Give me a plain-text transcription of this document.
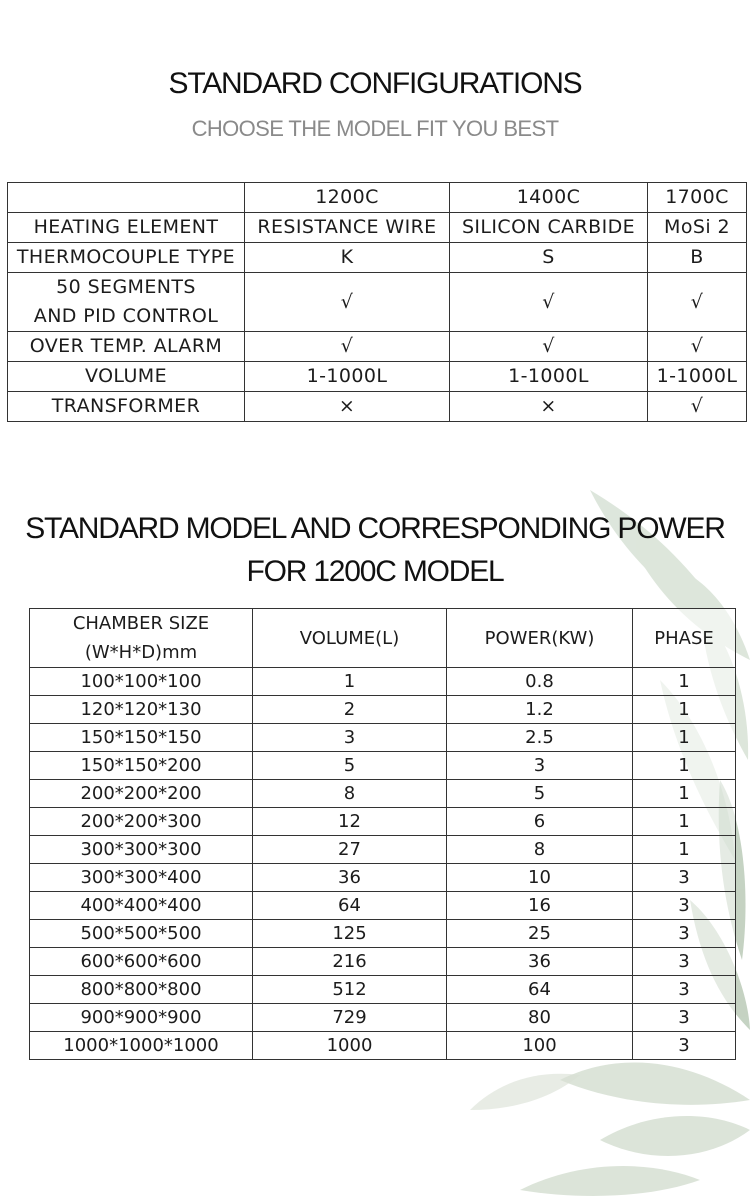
STANDARD CONFIGURATIONS
CHOOSE THE MODEL FIT YOU BEST
	1200C	1400C	1700C
HEATING ELEMENT	RESISTANCE WIRE	SILICON CARBIDE	MoSi 2
THERMOCOUPLE TYPE	K	S	B
50 SEGMENTS
AND PID CONTROL	√	√	√
OVER TEMP. ALARM	√	√	√
VOLUME	1-1000L	1-1000L	1-1000L
TRANSFORMER	×	×	√
STANDARD MODEL AND CORRESPONDING POWER
FOR 1200C MODEL
CHAMBER SIZE
(W*H*D)mm	VOLUME(L)	POWER(KW)	PHASE
100*100*100	1	0.8	1
120*120*130	2	1.2	1
150*150*150	3	2.5	1
150*150*200	5	3	1
200*200*200	8	5	1
200*200*300	12	6	1
300*300*300	27	8	1
300*300*400	36	10	3
400*400*400	64	16	3
500*500*500	125	25	3
600*600*600	216	36	3
800*800*800	512	64	3
900*900*900	729	80	3
1000*1000*1000	1000	100	3
